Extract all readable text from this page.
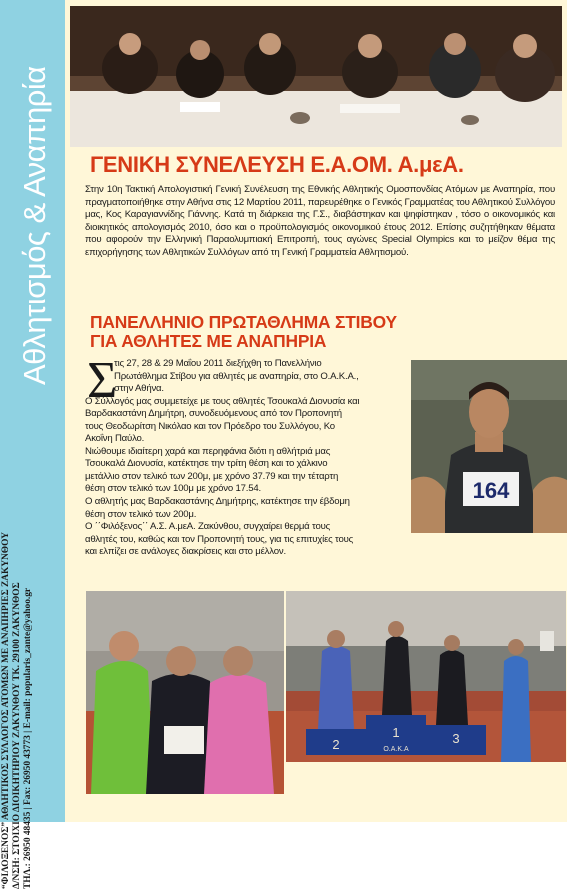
Αθλητισμός & Αναπηρία
“ΦΙΛΟΞΕΝΟΣ” ΑΘΛΗΤΙΚΟΣ ΣΥΛΛΟΓΟΣ ΑΤΟΜΩΝ ΜΕ ΑΝΑΠΗΡΙΕΣ ΖΑΚΥΝΘΟΥ Δ/ΝΣΗ: ΣΤΟΙΧΙΟ ΔΙΟΙΚΗΤΗΡΙΟΥ ΖΑΚΥΝΘΟΥ ΤΚ. 29100 ΖΑΚΥΝΘΟΣ ΤΗΛ.: 26950 48435 | Fax: 26950 43773 | E-mail: popularis_zante@yahoo.gr
ΓΕΝΙΚΗ ΣΥΝΕΛΕΥΣΗ Ε.Α.ΟΜ. Α.μεΑ.
Στην 10η Τακτική Απολογιστική Γενική Συνέλευση της Εθνικής Αθλητικής Ομοσπονδίας Ατόμων με Αναπηρία, που πραγματοποιήθηκε στην Αθήνα στις 12 Μαρτίου 2011, παρευρέθηκε ο Γενικός Γραμματέας του Αθλητικού Συλλόγου μας, Κος Καραγιαννίδης Γιάννης. Κατά τη διάρκεια της Γ.Σ., διαβάστηκαν και ψηφίστηκαν , τόσο ο οικονομικός και διοικητικός απολογισμός 2010, όσο και ο προϋπολογισμός οικονομικού έτους 2012. Επίσης συζητήθηκαν θέματα που αφορούν την Ελληνική Παραολυμπιακή Επιτροπή, τους αγώνες Special Olympics και το μείζον θέμα της επιχορήγησης των Αθλητικών Συλλόγων από τη Γενική Γραμματεία Αθλητισμού.
ΠΑΝΕΛΛΗΝΙΟ ΠΡΩΤΑΘΛΗΜΑ ΣΤΙΒΟΥ
ΓΙΑ ΑΘΛΗΤΕΣ ΜΕ ΑΝΑΠΗΡΙΑ
Σ
τις 27, 28 & 29 Μαΐου 2011 διεξήχθη το Πανελλήνιο
Πρωτάθλημα Στίβου για αθλητές με αναπηρία, στο Ο.Α.Κ.Α.,
στην Αθήνα.
Ο Σύλλογός μας συμμετείχε με τους αθλητές Τσουκαλά Διονυσία και
Βαρδακαστάνη Δημήτρη, συνοδευόμενους από τον Προπονητή
τους Θεοδωρίτση Νικόλαο και τον Πρόεδρο του Συλλόγου, Κο
Ακοΐνη Παύλο.
Νιώθουμε ιδιαίτερη χαρά και περηφάνια διότι η αθλήτριά μας
Τσουκαλά Διονυσία, κατέκτησε την τρίτη θέση και το χάλκινο
μετάλλιο στον τελικό των 200μ, με χρόνο 37.79 και την τέταρτη
θέση στον τελικό των 100μ με χρόνο 17.54.
Ο αθλητής μας Βαρδακαστάνης Δημήτρης, κατέκτησε την έβδομη
θέση στον τελικό των 200μ.
Ο ΄΄Φιλόξενος΄΄ Α.Σ. Α.μεΑ. Ζακύνθου, συγχαίρει θερμά τους
αθλητές του, καθώς και τον Προπονητή τους, για τις επιτυχίες τους
και ελπίζει σε ανάλογες διακρίσεις και στο μέλλον.
164
2
1	3
O.A.K.A
